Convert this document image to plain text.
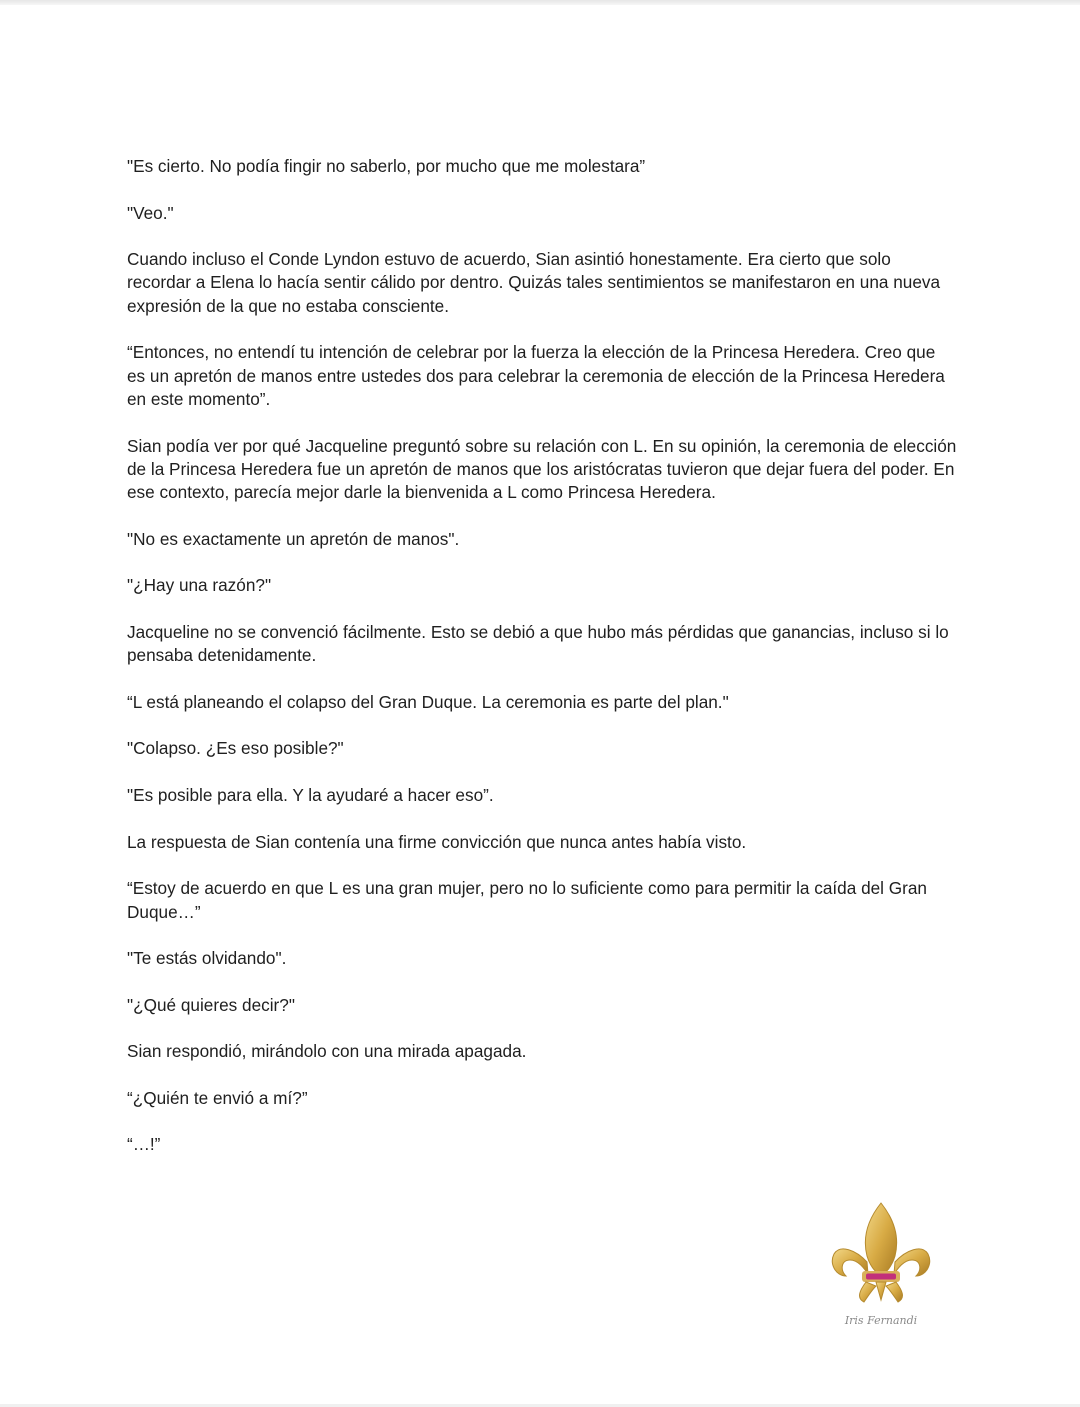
"Es cierto. No podía fingir no saberlo, por mucho que me molestara”

"Veo."

Cuando incluso el Conde Lyndon estuvo de acuerdo, Sian asintió honestamente. Era cierto que solo recordar a Elena lo hacía sentir cálido por dentro. Quizás tales sentimientos se manifestaron en una nueva expresión de la que no estaba consciente.

“Entonces, no entendí tu intención de celebrar por la fuerza la elección de la Princesa Heredera. Creo que es un apretón de manos entre ustedes dos para celebrar la ceremonia de elección de la Princesa Heredera en este momento”.

Sian podía ver por qué Jacqueline preguntó sobre su relación con L. En su opinión, la ceremonia de elección de la Princesa Heredera fue un apretón de manos que los aristócratas tuvieron que dejar fuera del poder. En ese contexto, parecía mejor darle la bienvenida a L como Princesa Heredera.

"No es exactamente un apretón de manos".

"¿Hay una razón?"

Jacqueline no se convenció fácilmente. Esto se debió a que hubo más pérdidas que ganancias, incluso si lo pensaba detenidamente.

“L está planeando el colapso del Gran Duque. La ceremonia es parte del plan."

"Colapso. ¿Es eso posible?"

"Es posible para ella. Y la ayudaré a hacer eso”.

La respuesta de Sian contenía una firme convicción que nunca antes había visto.

“Estoy de acuerdo en que L es una gran mujer, pero no lo suficiente como para permitir la caída del Gran Duque…”

"Te estás olvidando".

"¿Qué quieres decir?"

Sian respondió, mirándolo con una mirada apagada.

“¿Quién te envió a mí?”

“…!”

Iris Fernandi
